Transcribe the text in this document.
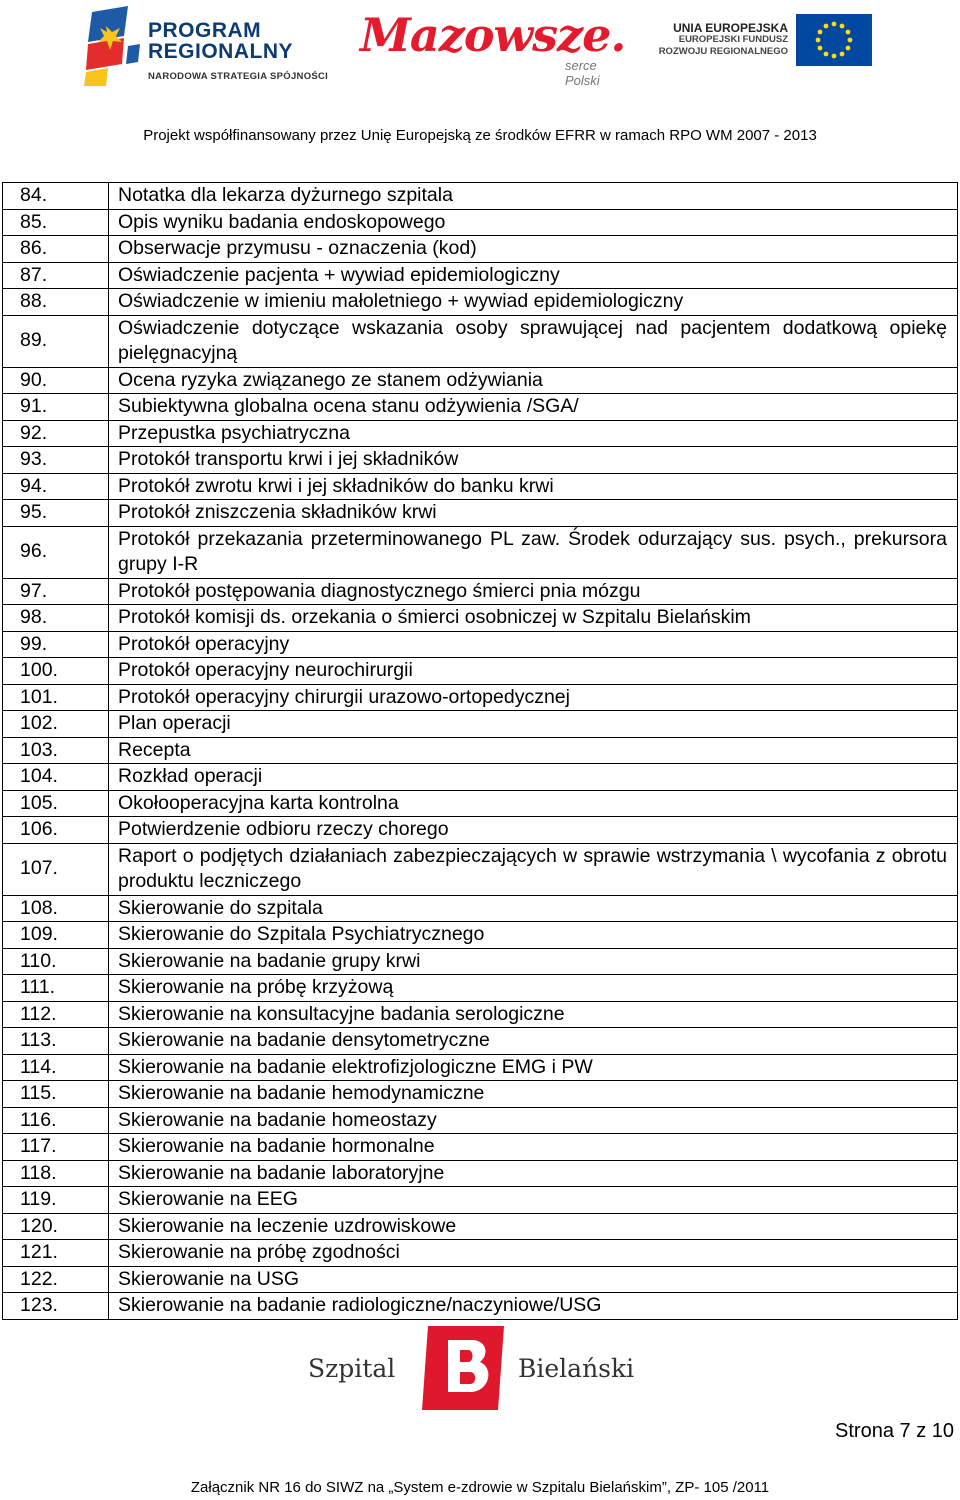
PROGRAM
REGIONALNY
NARODOWA STRATEGIA SPÓJNOŚCI
Mazowsze.
serce Polski
UNIA EUROPEJSKA
EUROPEJSKI FUNDUSZ
ROZWOJU REGIONALNEGO
Projekt współfinansowany przez Unię Europejską ze środków EFRR w ramach RPO WM 2007 - 2013
84.	Notatka dla lekarza dyżurnego szpitala
85.	Opis wyniku badania endoskopowego
86.	Obserwacje przymusu - oznaczenia (kod)
87.	Oświadczenie pacjenta + wywiad epidemiologiczny
88.	Oświadczenie w imieniu małoletniego + wywiad epidemiologiczny
89.	Oświadczenie dotyczące wskazania osoby sprawującej nad pacjentem dodatkową opiekę pielęgnacyjną
90.	Ocena ryzyka związanego ze stanem odżywiania
91.	Subiektywna globalna ocena stanu odżywienia /SGA/
92.	Przepustka psychiatryczna
93.	Protokół transportu krwi i jej składników
94.	Protokół zwrotu krwi i jej składników do banku krwi
95.	Protokół zniszczenia składników krwi
96.	Protokół przekazania przeterminowanego PL zaw. Środek odurzający sus. psych., prekursora grupy I-R
97.	Protokół postępowania diagnostycznego śmierci pnia mózgu
98.	Protokół komisji ds. orzekania o śmierci osobniczej w Szpitalu Bielańskim
99.	Protokół operacyjny
100.	Protokół operacyjny neurochirurgii
101.	Protokół operacyjny chirurgii urazowo-ortopedycznej
102.	Plan operacji
103.	Recepta
104.	Rozkład operacji
105.	Okołooperacyjna karta kontrolna
106.	Potwierdzenie odbioru rzeczy chorego
107.	Raport o podjętych działaniach zabezpieczających w sprawie wstrzymania \ wycofania z obrotu produktu leczniczego
108.	Skierowanie do szpitala
109.	Skierowanie do Szpitala Psychiatrycznego
110.	Skierowanie na badanie grupy krwi
111.	Skierowanie na próbę krzyżową
112.	Skierowanie na konsultacyjne badania serologiczne
113.	Skierowanie na badanie densytometryczne
114.	Skierowanie na badanie elektrofizjologiczne EMG i PW
115.	Skierowanie na badanie hemodynamiczne
116.	Skierowanie na badanie homeostazy
117.	Skierowanie na badanie hormonalne
118.	Skierowanie na badanie laboratoryjne
119.	Skierowanie na EEG
120.	Skierowanie na leczenie uzdrowiskowe
121.	Skierowanie na próbę zgodności
122.	Skierowanie na USG
123.	Skierowanie na badanie radiologiczne/naczyniowe/USG
Szpital	Bielański
Strona 7 z 10
Załącznik NR 16 do SIWZ na „System e-zdrowie w Szpitalu Bielańskim”, ZP- 105 /2011
